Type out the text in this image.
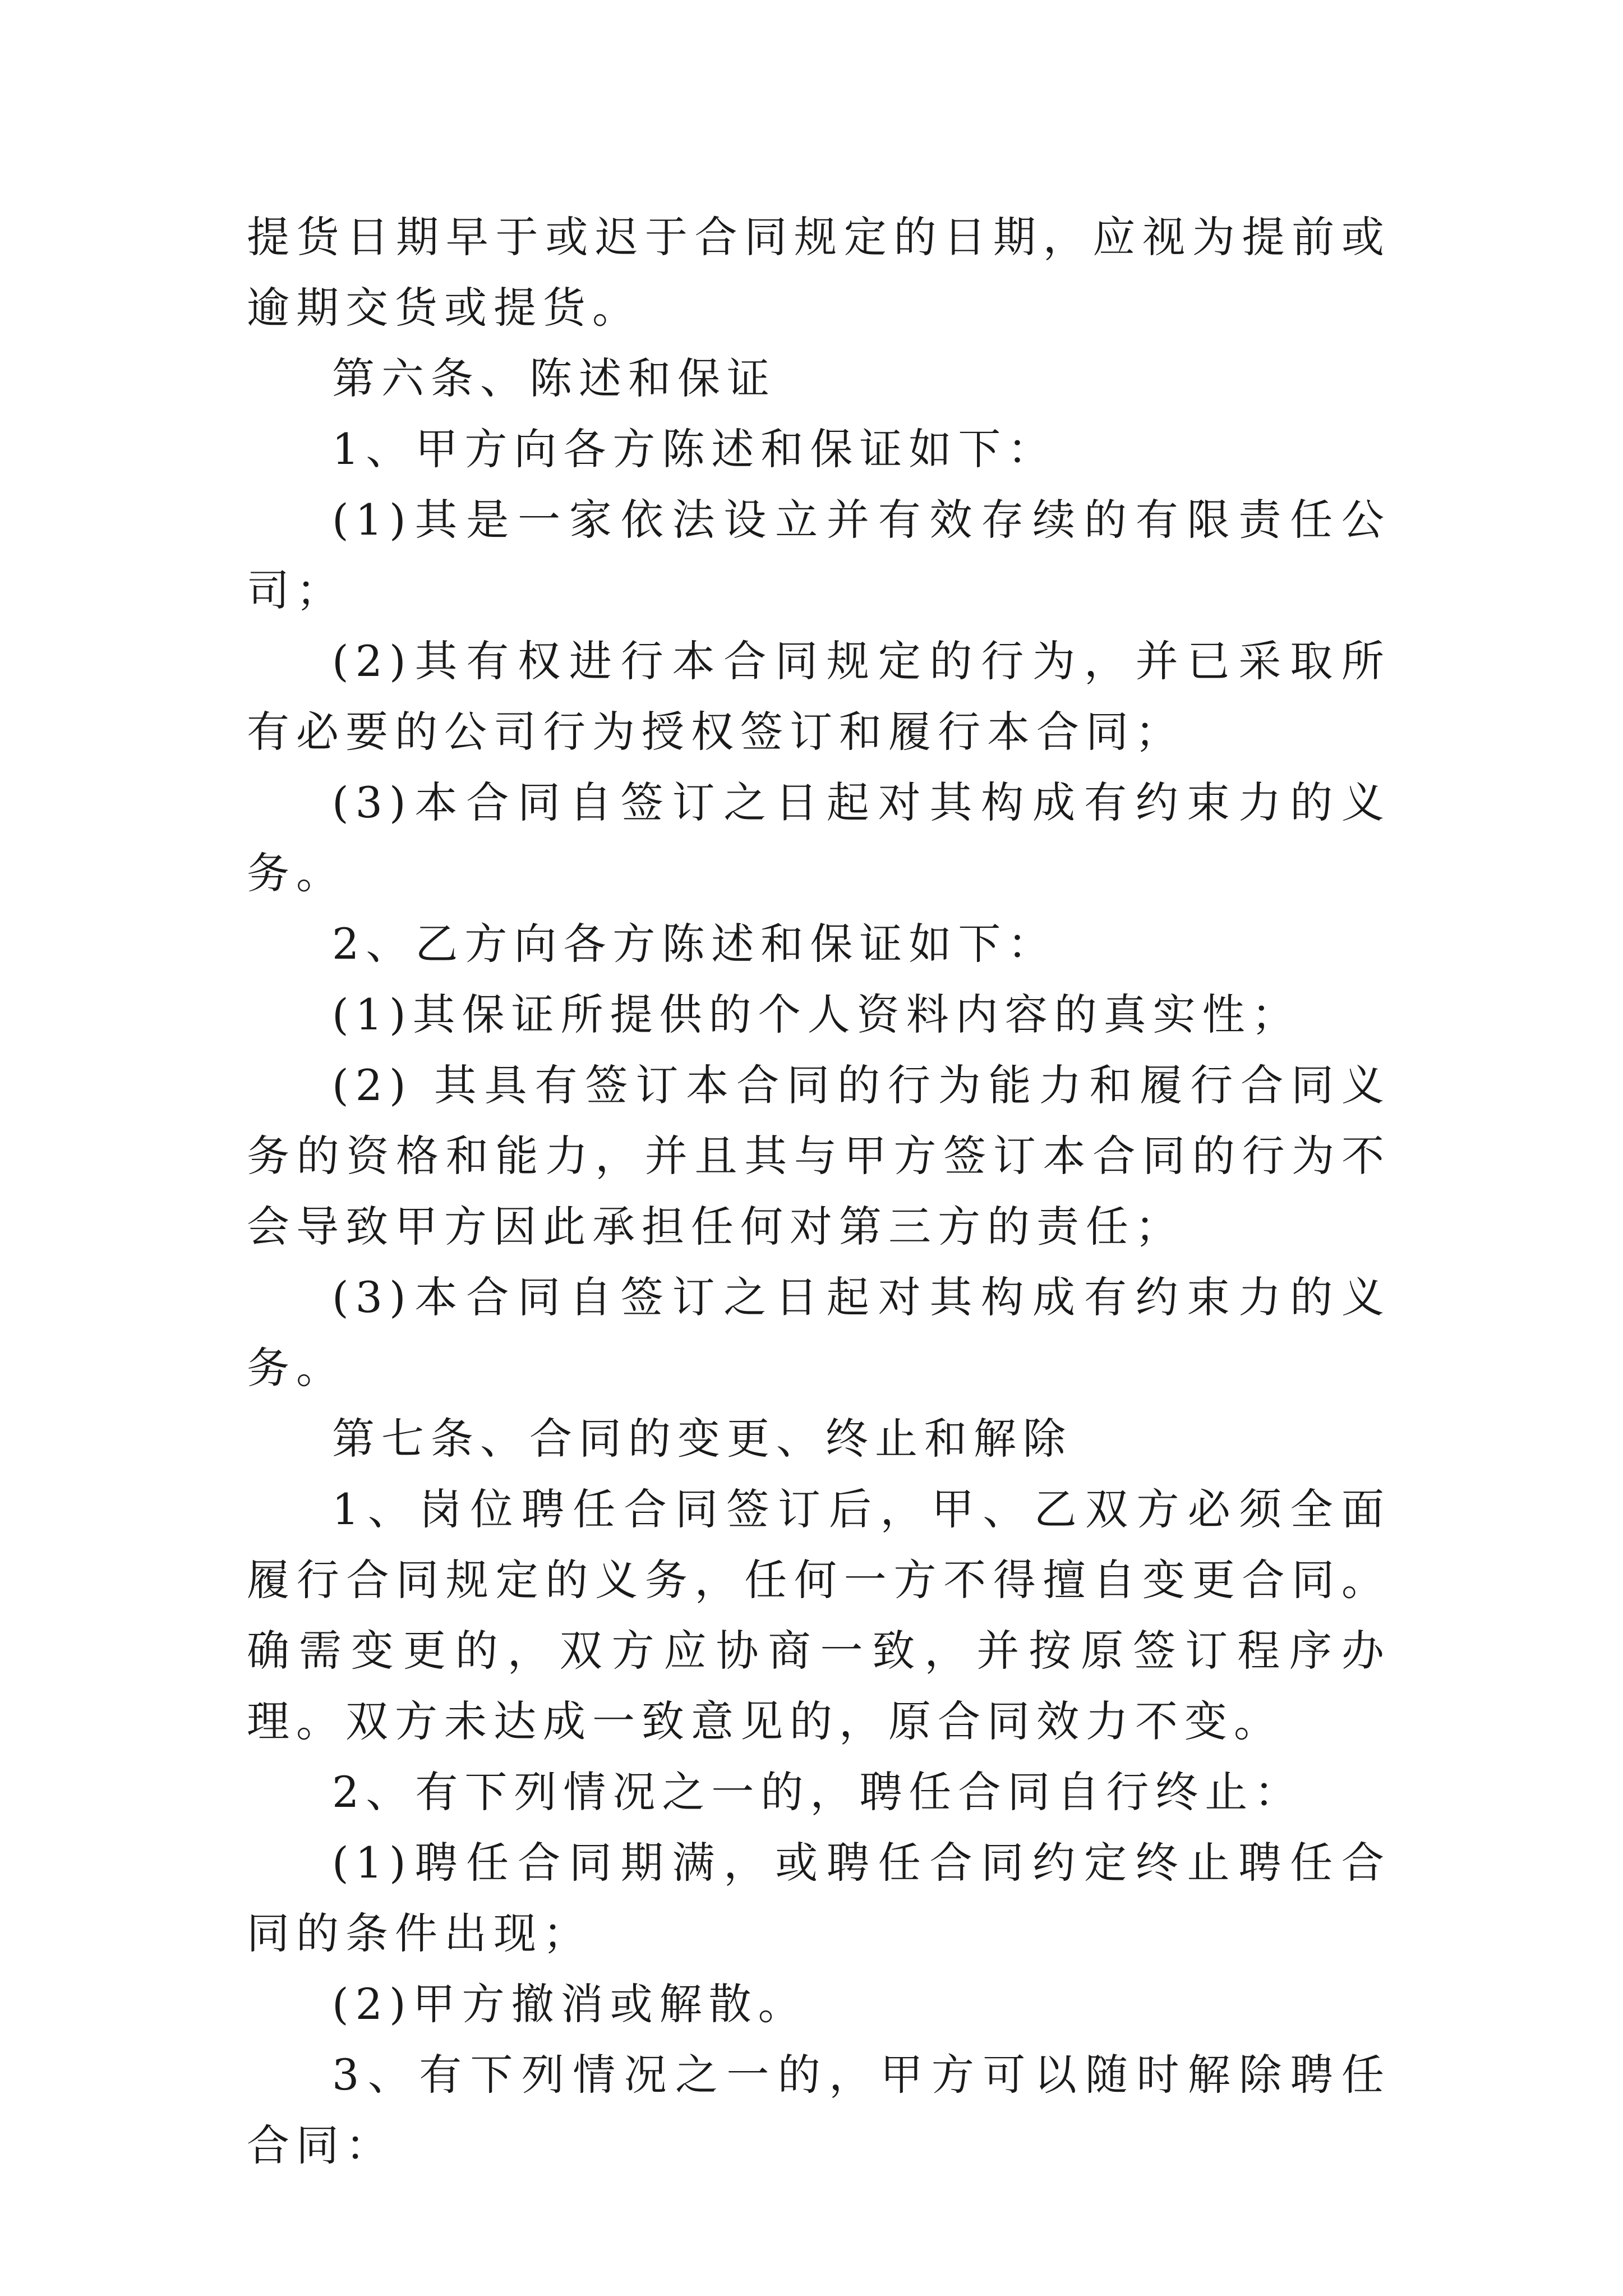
提货日期早于或迟于合同规定的日期，应视为提前或逾期交货或提货。

第六条、陈述和保证

1、甲方向各方陈述和保证如下：

(1)其是一家依法设立并有效存续的有限责任公司；

(2)其有权进行本合同规定的行为，并已采取所有必要的公司行为授权签订和履行本合同；

(3)本合同自签订之日起对其构成有约束力的义务。

2、乙方向各方陈述和保证如下：

(1)其保证所提供的个人资料内容的真实性；

(2) 其具有签订本合同的行为能力和履行合同义务的资格和能力，并且其与甲方签订本合同的行为不会导致甲方因此承担任何对第三方的责任；

(3)本合同自签订之日起对其构成有约束力的义务。

第七条、合同的变更、终止和解除

1、岗位聘任合同签订后，甲、乙双方必须全面履行合同规定的义务，任何一方不得擅自变更合同。确需变更的，双方应协商一致，并按原签订程序办理。双方未达成一致意见的，原合同效力不变。

2、有下列情况之一的，聘任合同自行终止：

(1)聘任合同期满，或聘任合同约定终止聘任合同的条件出现；

(2)甲方撤消或解散。

3、有下列情况之一的，甲方可以随时解除聘任合同：
